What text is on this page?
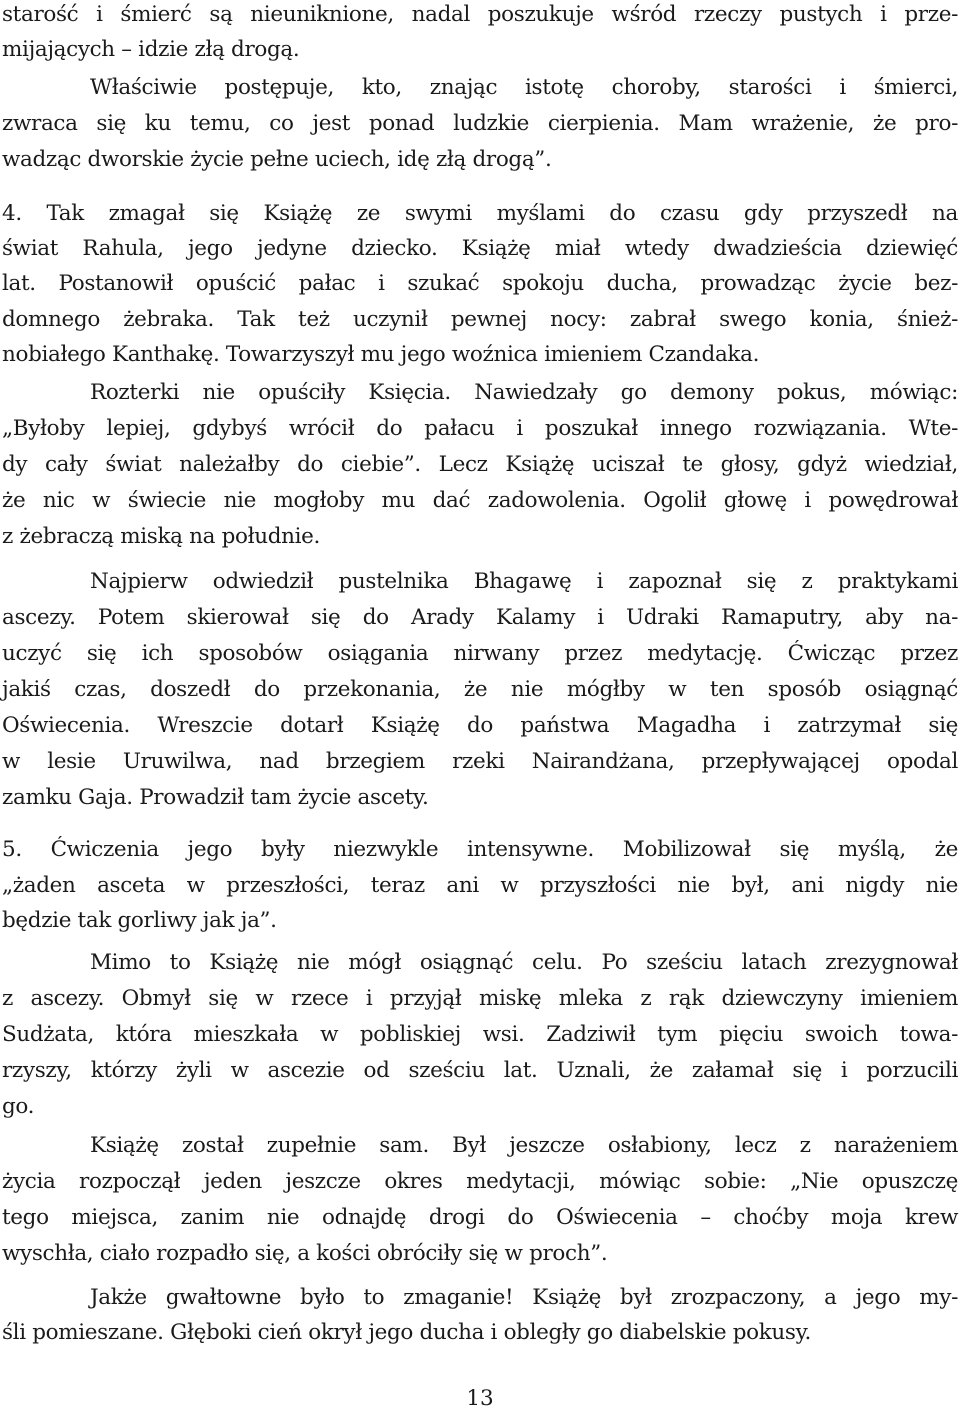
starość i śmierć są nieuniknione, nadal poszukuje wśród rzeczy pustych i prze-
mijających – idzie złą drogą.
Właściwie postępuje, kto, znając istotę choroby, starości i śmierci,
zwraca się ku temu, co jest ponad ludzkie cierpienia. Mam wrażenie, że pro-
wadząc dworskie życie pełne uciech, idę złą drogą”.
4. Tak zmagał się Książę ze swymi myślami do czasu gdy przyszedł na
świat Rahula, jego jedyne dziecko. Książę miał wtedy dwadzieścia dziewięć
lat. Postanowił opuścić pałac i szukać spokoju ducha, prowadząc życie bez-
domnego żebraka. Tak też uczynił pewnej nocy: zabrał swego konia, śnież-
nobiałego Kanthakę. Towarzyszył mu jego woźnica imieniem Czandaka.
Rozterki nie opuściły Księcia. Nawiedzały go demony pokus, mówiąc:
„Byłoby lepiej, gdybyś wrócił do pałacu i poszukał innego rozwiązania. Wte-
dy cały świat należałby do ciebie”. Lecz Książę uciszał te głosy, gdyż wiedział,
że nic w świecie nie mogłoby mu dać zadowolenia. Ogolił głowę i powędrował
z żebraczą miską na południe.
Najpierw odwiedził pustelnika Bhagawę i zapoznał się z praktykami
ascezy. Potem skierował się do Arady Kalamy i Udraki Ramaputry, aby na-
uczyć się ich sposobów osiągania nirwany przez medytację. Ćwicząc przez
jakiś czas, doszedł do przekonania, że nie mógłby w ten sposób osiągnąć
Oświecenia. Wreszcie dotarł Książę do państwa Magadha i zatrzymał się
w lesie Uruwilwa, nad brzegiem rzeki Nairandżana, przepływającej opodal
zamku Gaja. Prowadził tam życie ascety.
5. Ćwiczenia jego były niezwykle intensywne. Mobilizował się myślą, że
„żaden asceta w przeszłości, teraz ani w przyszłości nie był, ani nigdy nie
będzie tak gorliwy jak ja”.
Mimo to Książę nie mógł osiągnąć celu. Po sześciu latach zrezygnował
z ascezy. Obmył się w rzece i przyjął miskę mleka z rąk dziewczyny imieniem
Sudżata, która mieszkała w pobliskiej wsi. Zadziwił tym pięciu swoich towa-
rzyszy, którzy żyli w ascezie od sześciu lat. Uznali, że załamał się i porzucili
go.
Książę został zupełnie sam. Był jeszcze osłabiony, lecz z narażeniem
życia rozpoczął jeden jeszcze okres medytacji, mówiąc sobie: „Nie opuszczę
tego miejsca, zanim nie odnajdę drogi do Oświecenia – choćby moja krew
wyschła, ciało rozpadło się, a kości obróciły się w proch”.
Jakże gwałtowne było to zmaganie! Książę był zrozpaczony, a jego my-
śli pomieszane. Głęboki cień okrył jego ducha i obległy go diabelskie pokusy.
13
